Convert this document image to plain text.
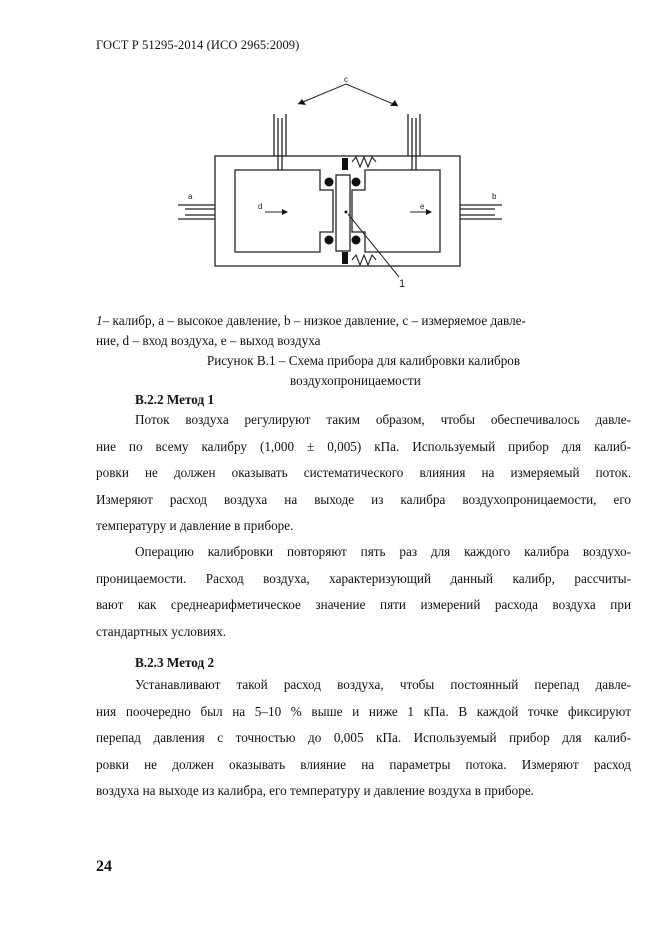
ГОСТ Р 51295-2014 (ИСО 2965:2009)
a	b
c
d	e
1
1– калибр, a – высокое давление, b – низкое давление, c – измеряемое давле-
ние, d – вход воздуха, e – выход воздуха
Рисунок В.1 – Схема прибора для калибровки калибров
воздухопроницаемости
В.2.2 Метод 1
Поток воздуха регулируют таким образом, чтобы обеспечивалось давле-
ние по всему калибру (1,000 ± 0,005) кПа. Используемый прибор для калиб-
ровки не должен оказывать систематического влияния на измеряемый поток.
Измеряют расход воздуха на выходе из калибра воздухопроницаемости, его
температуру и давление в приборе.
Операцию калибровки повторяют пять раз для каждого калибра воздухо-
проницаемости. Расход воздуха, характеризующий данный калибр, рассчиты-
вают как среднеарифметическое значение пяти измерений расхода воздуха при
стандартных условиях.
В.2.3 Метод 2
Устанавливают такой расход воздуха, чтобы постоянный перепад давле-
ния поочередно был на 5–10 % выше и ниже 1 кПа. В каждой точке фиксируют
перепад давления с точностью до 0,005 кПа. Используемый прибор для калиб-
ровки не должен оказывать влияние на параметры потока. Измеряют расход
воздуха на выходе из калибра, его температуру и давление воздуха в приборе.
24
